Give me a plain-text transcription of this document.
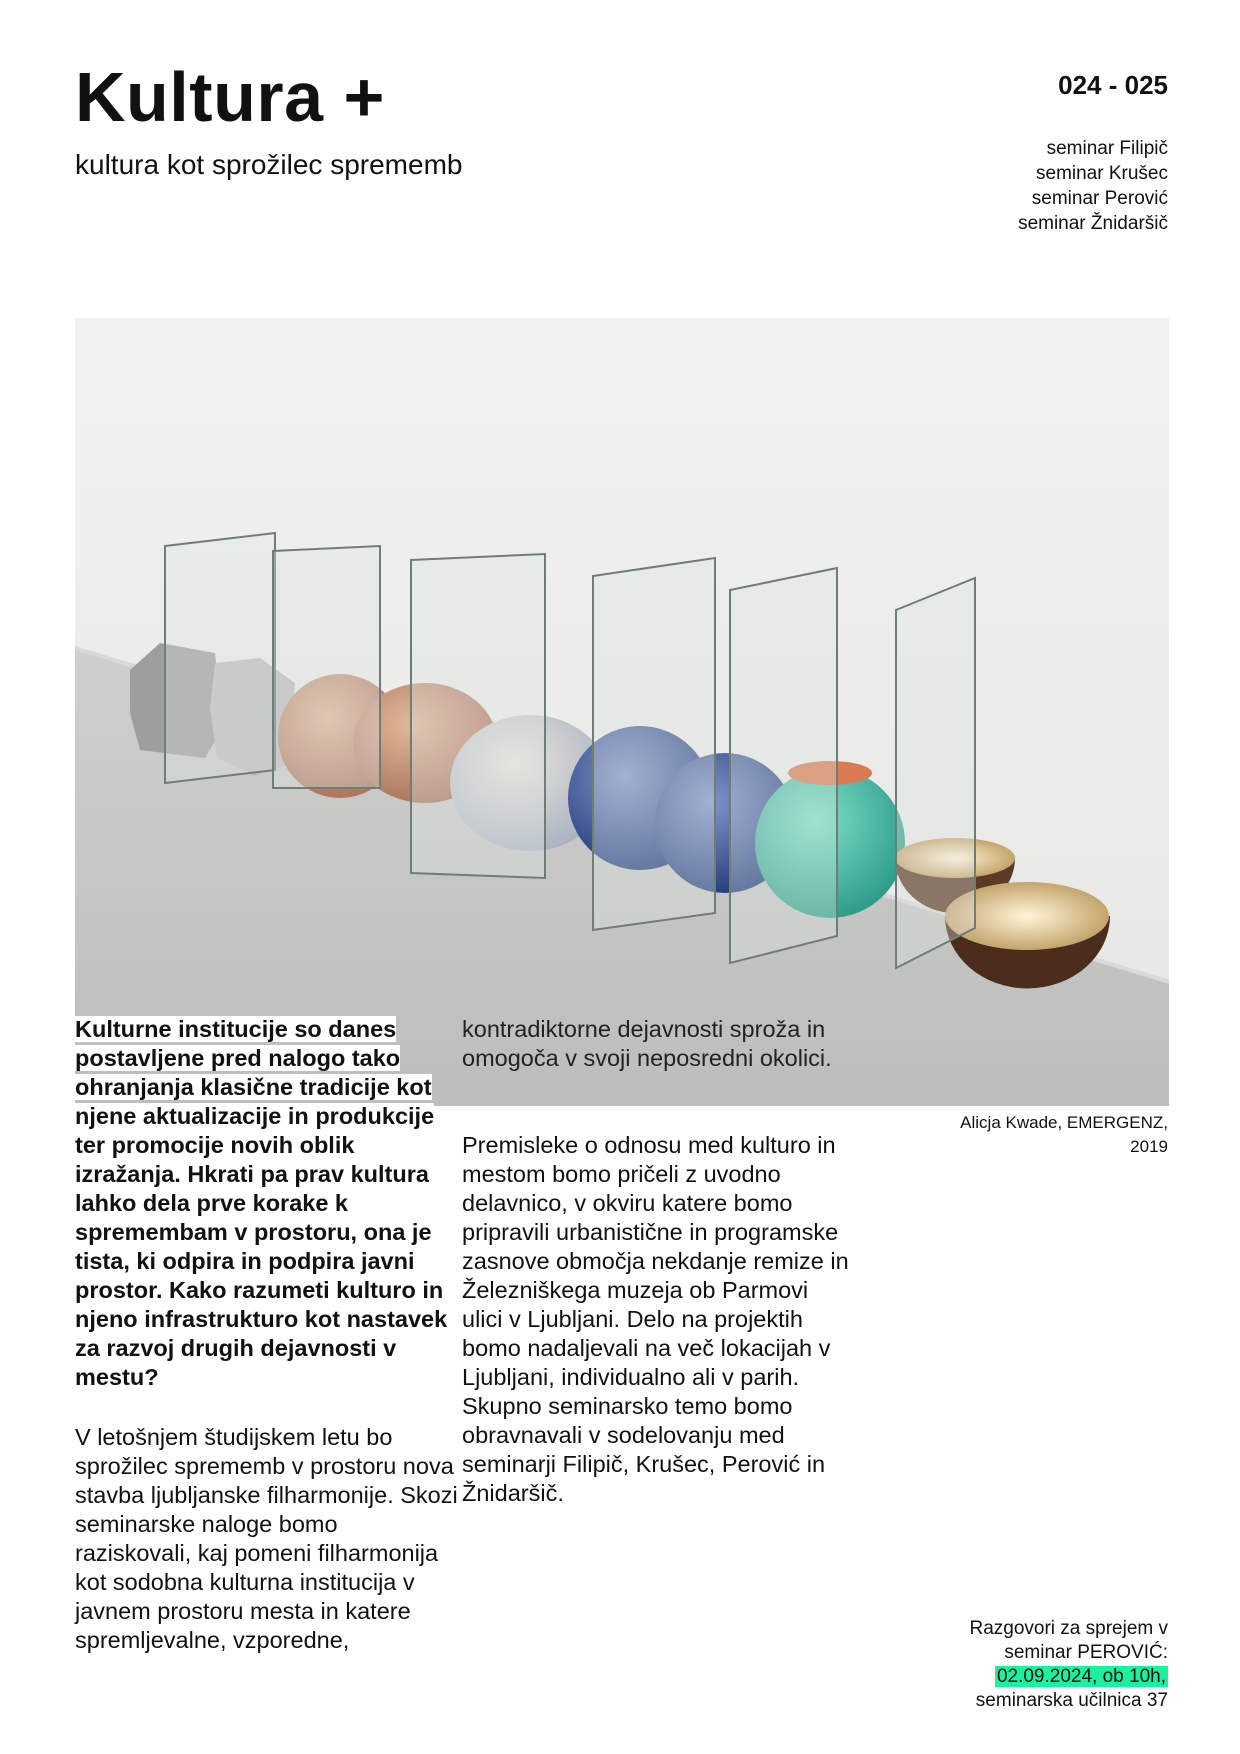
Kultura +
kultura kot sprožilec sprememb
024 - 025
seminar Filipič
seminar Krušec
seminar Perović
seminar Žnidaršič
Kulturne institucije so danes postavljene pred nalogo tako ohranjanja klasične tradicije kot njene aktualizacije in produkcije ter promocije novih oblik izražanja. Hkrati pa prav kultura lahko dela prve korake k spremembam v prostoru, ona je tista, ki odpira in podpira javni prostor. Kako razumeti kulturo in njeno infrastrukturo kot nastavek za razvoj drugih dejavnosti v mestu?
V letošnjem študijskem letu bo sprožilec sprememb v prostoru nova stavba ljubljanske filharmonije. Skozi seminarske naloge bomo raziskovali, kaj pomeni filharmonija kot sodobna kulturna institucija v javnem prostoru mesta in katere spremljevalne, vzporedne,
kontradiktorne dejavnosti sproža in omogoča v svoji neposredni okolici.
Premisleke o odnosu med kulturo in mestom bomo pričeli z uvodno delavnico, v okviru katere bomo pripravili urbanistične in programske zasnove območja nekdanje remize in Železniškega muzeja ob Parmovi ulici v Ljubljani. Delo na projektih bomo nadaljevali na več lokacijah v Ljubljani, individualno ali v parih. Skupno seminarsko temo bomo obravnavali v sodelovanju med seminarji Filipič, Krušec, Perović in Žnidaršič.
Alicja Kwade, EMERGENZ,
2019
Razgovori za sprejem v
seminar PEROVIĆ:
02.09.2024, ob 10h,
seminarska učilnica 37
